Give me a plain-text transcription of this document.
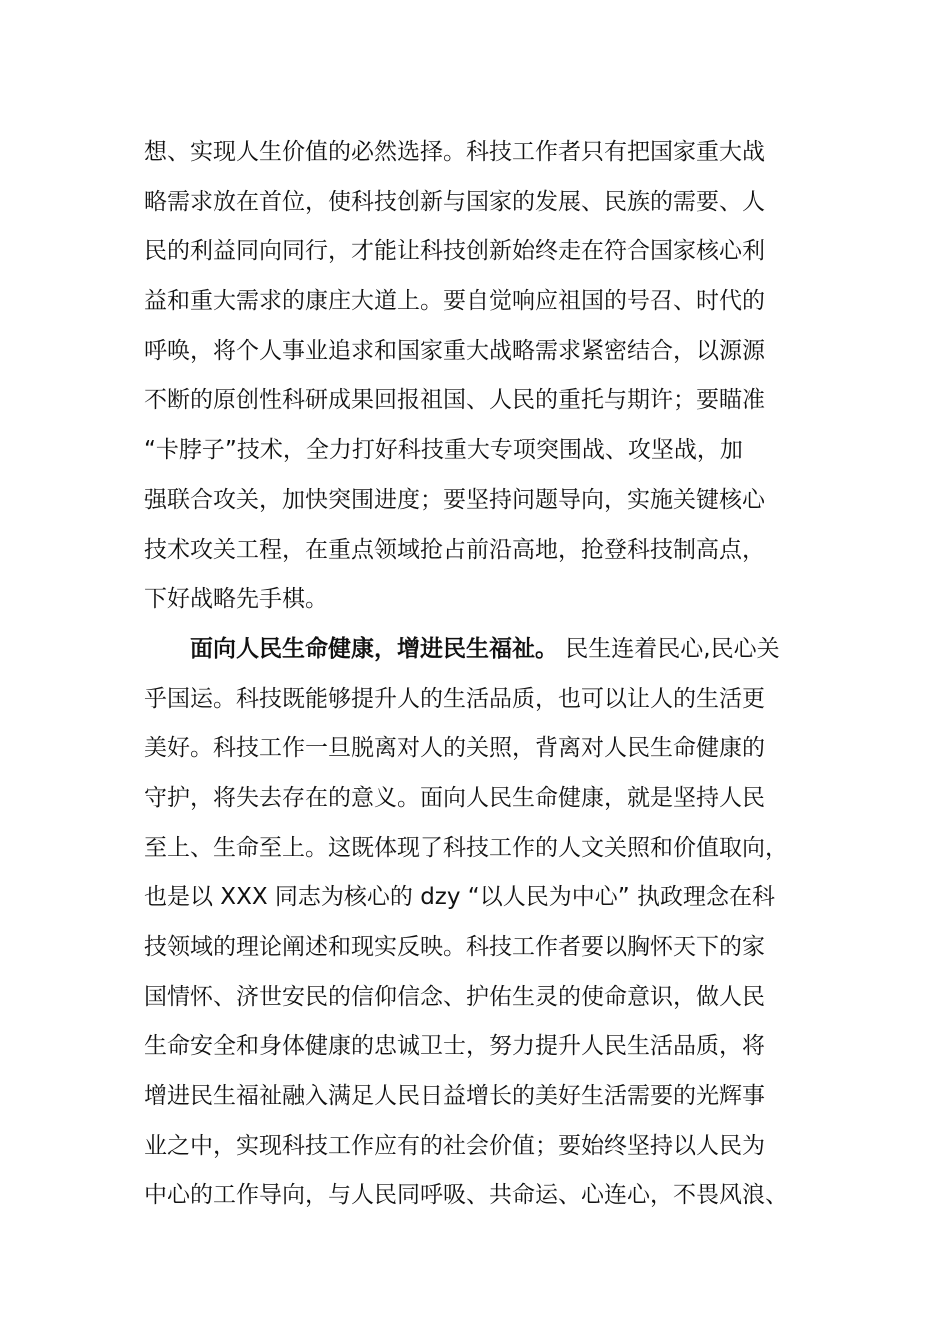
想、实现人生价值的必然选择。科技工作者只有把国家重大战
略需求放在首位，使科技创新与国家的发展、民族的需要、人
民的利益同向同行，才能让科技创新始终走在符合国家核心利
益和重大需求的康庄大道上。要自觉响应祖国的号召、时代的
呼唤，将个人事业追求和国家重大战略需求紧密结合，以源源
不断的原创性科研成果回报祖国、人民的重托与期许；要瞄准
“卡脖子”技术，全力打好科技重大专项突围战、攻坚战，加
强联合攻关，加快突围进度；要坚持问题导向，实施关键核心
技术攻关工程，在重点领域抢占前沿高地，抢登科技制高点，
下好战略先手棋。
面向人民生命健康，增进民生福祉。 民生连着民心,民心关
乎国运。科技既能够提升人的生活品质，也可以让人的生活更
美好。科技工作一旦脱离对人的关照，背离对人民生命健康的
守护，将失去存在的意义。面向人民生命健康，就是坚持人民
至上、生命至上。这既体现了科技工作的人文关照和价值取向，
也是以 XXX 同志为核心的 dzy “以人民为中心” 执政理念在科
技领域的理论阐述和现实反映。科技工作者要以胸怀天下的家
国情怀、济世安民的信仰信念、护佑生灵的使命意识，做人民
生命安全和身体健康的忠诚卫士，努力提升人民生活品质，将
增进民生福祉融入满足人民日益增长的美好生活需要的光辉事
业之中，实现科技工作应有的社会价值；要始终坚持以人民为
中心的工作导向，与人民同呼吸、共命运、心连心，不畏风浪、
